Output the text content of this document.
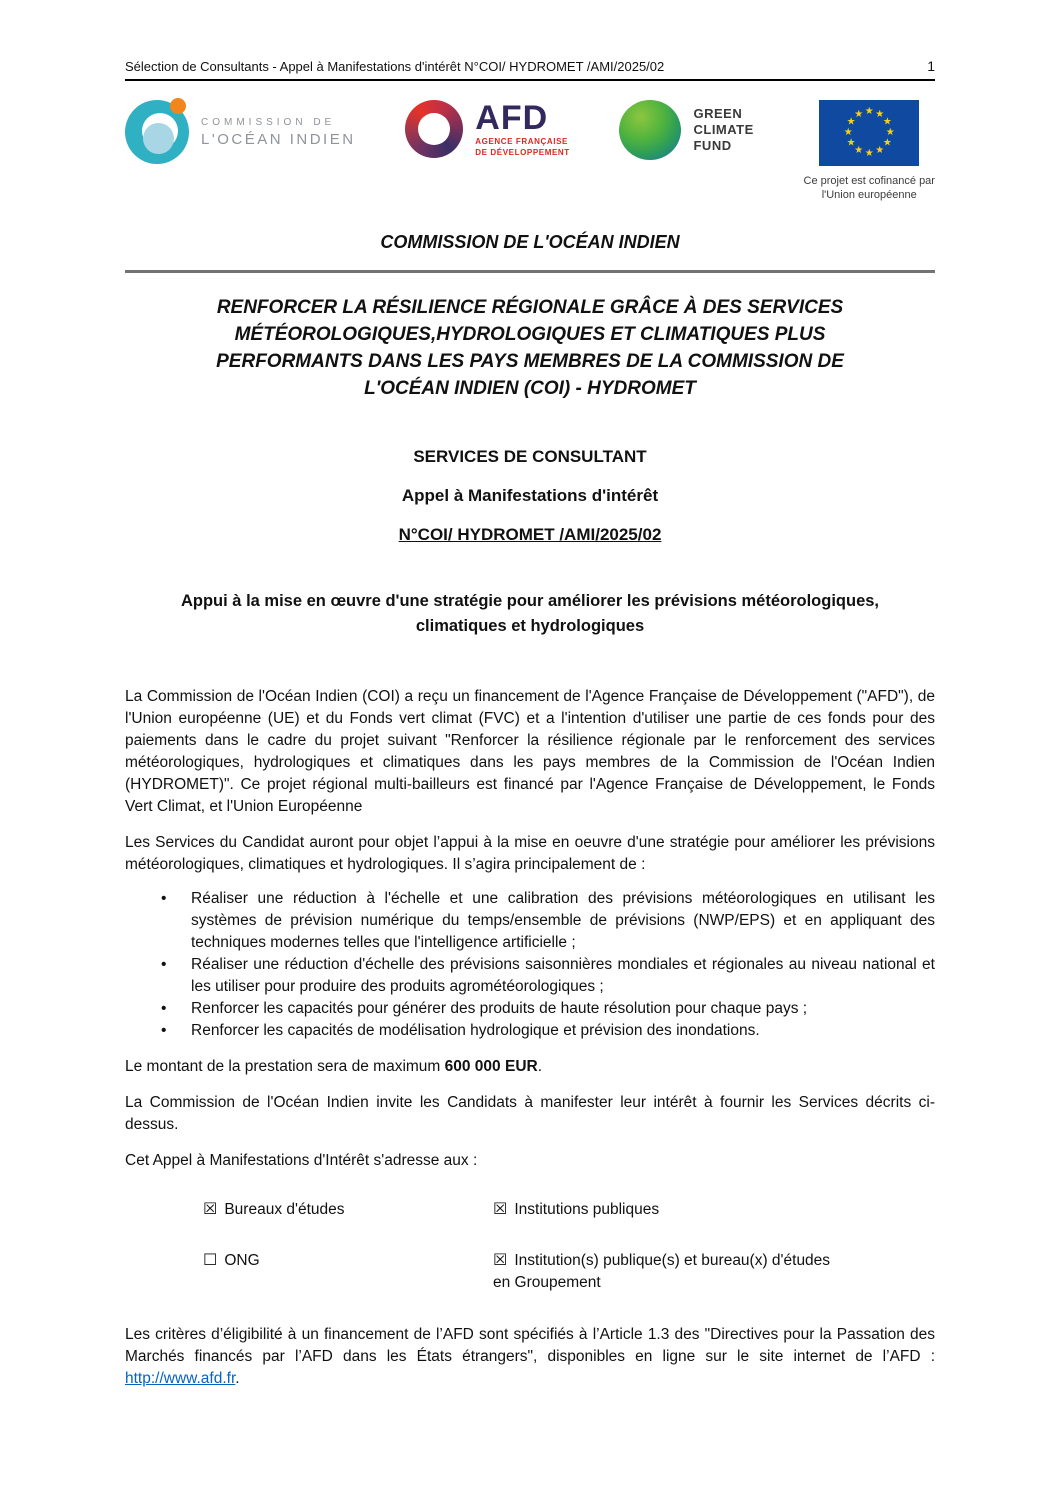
Sélection de Consultants - Appel à Manifestations d'intérêt N°COI/ HYDROMET /AMI/2025/02	1
COMMISSION DE
L'OCÉAN INDIEN
AFD
AGENCE FRANÇAISE
DE DÉVELOPPEMENT
GREEN
CLIMATE
FUND
★ ★
★
★
★
★
★
★
★
★
★
★
Ce projet est cofinancé par
l'Union européenne
COMMISSION DE L'OCÉAN INDIEN
RENFORCER LA RÉSILIENCE RÉGIONALE GRÂCE À DES SERVICES
MÉTÉOROLOGIQUES,HYDROLOGIQUES ET CLIMATIQUES PLUS
PERFORMANTS DANS LES PAYS MEMBRES DE LA COMMISSION DE
L'OCÉAN INDIEN (COI) - HYDROMET
SERVICES DE CONSULTANT
Appel à Manifestations d'intérêt
N°COI/ HYDROMET /AMI/2025/02
Appui à la mise en œuvre d'une stratégie pour améliorer les prévisions météorologiques, climatiques et hydrologiques
La Commission de l'Océan Indien (COI) a reçu un financement de l'Agence Française de Développement ("AFD"), de l'Union européenne (UE) et du Fonds vert climat (FVC) et a l'intention d'utiliser une partie de ces fonds pour des paiements dans le cadre du projet suivant "Renforcer la résilience régionale par le renforcement des services météorologiques, hydrologiques et climatiques dans les pays membres de la Commission de l'Océan Indien (HYDROMET)". Ce projet régional multi-bailleurs est financé par l'Agence Française de Développement, le Fonds Vert Climat, et l'Union Européenne
Les Services du Candidat auront pour objet l’appui à la mise en oeuvre d'une stratégie pour améliorer les prévisions météorologiques, climatiques et hydrologiques. Il s’agira principalement de :
• Réaliser une réduction à l'échelle et une calibration des prévisions météorologiques en utilisant les systèmes de prévision numérique du temps/ensemble de prévisions (NWP/EPS) et en appliquant des techniques modernes telles que l'intelligence artificielle ;
• Réaliser une réduction d'échelle des prévisions saisonnières mondiales et régionales au niveau national et les utiliser pour produire des produits agrométéorologiques ;
• Renforcer les capacités pour générer des produits de haute résolution pour chaque pays ;
• Renforcer les capacités de modélisation hydrologique et prévision des inondations.
Le montant de la prestation sera de maximum 600 000 EUR.
La Commission de l'Océan Indien invite les Candidats à manifester leur intérêt à fournir les Services décrits ci-dessus.
Cet Appel à Manifestations d'Intérêt s'adresse aux :
☒ Bureaux d'études	☒ Institutions publiques
☐ ONG	☒ Institution(s) publique(s) et bureau(x) d'études en Groupement
Les critères d’éligibilité à un financement de l’AFD sont spécifiés à l’Article 1.3 des "Directives pour la Passation des Marchés financés par l’AFD dans les États étrangers", disponibles en ligne sur le site internet de l’AFD : http://www.afd.fr.
